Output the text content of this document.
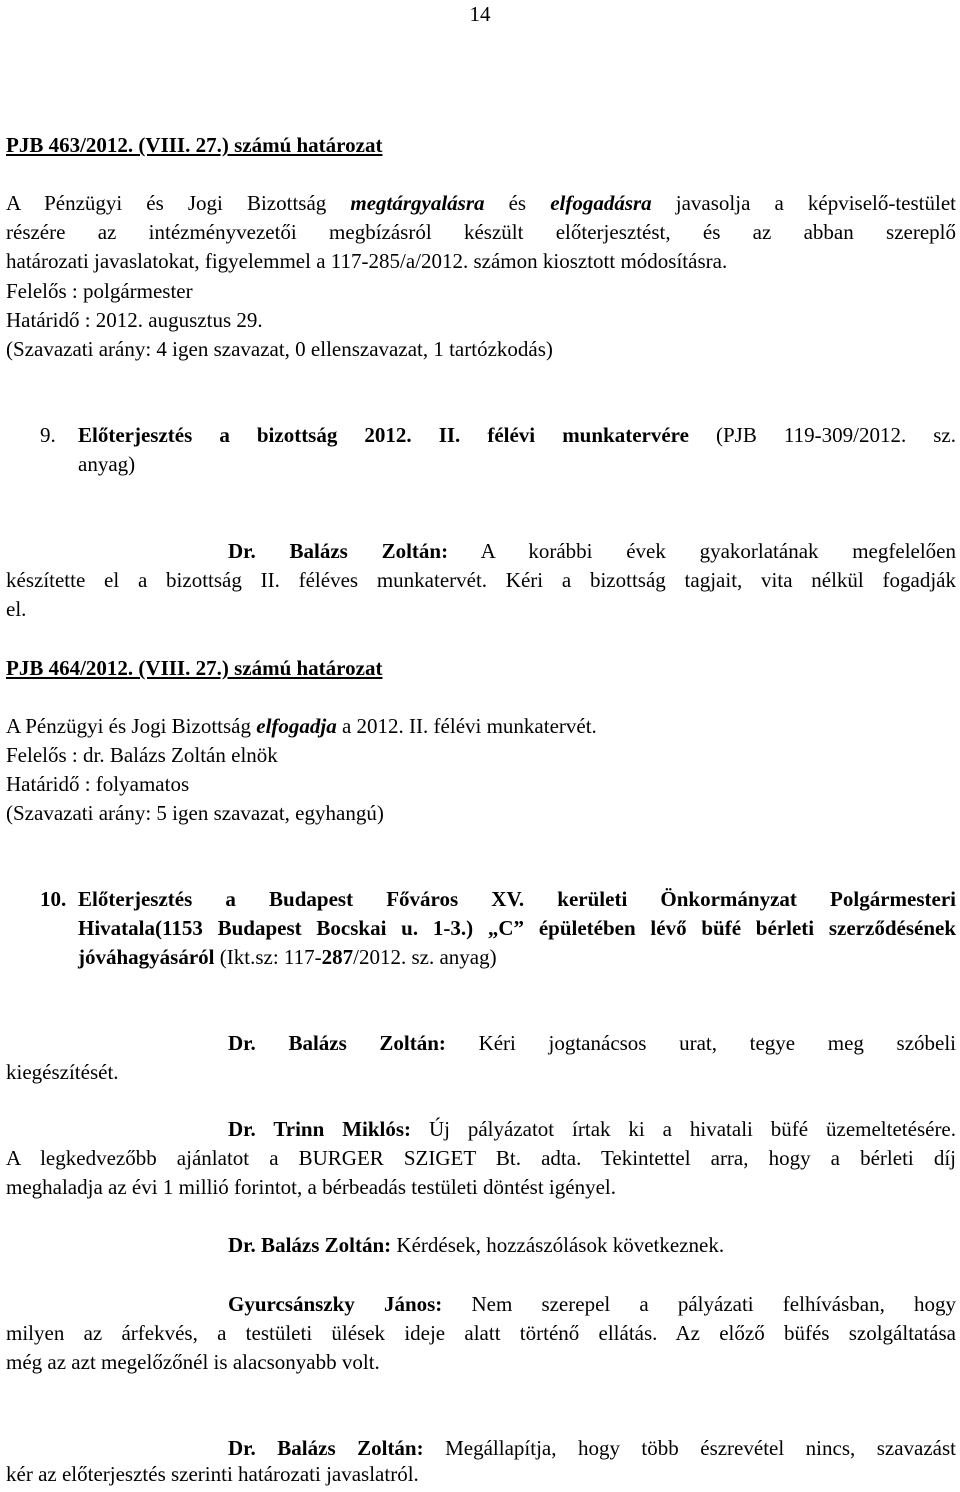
14
PJB 463/2012. (VIII. 27.) számú határozat
A Pénzügyi és Jogi Bizottság megtárgyalásra és elfogadásra javasolja a képviselő-testület
részére az intézményvezetői megbízásról készült előterjesztést, és az abban szereplő
határozati javaslatokat, figyelemmel a 117-285/a/2012. számon kiosztott módosításra.
Felelős : polgármester
Határidő : 2012. augusztus 29.
(Szavazati arány: 4 igen szavazat, 0 ellenszavazat, 1 tartózkodás)
9. Előterjesztés a bizottság 2012. II. félévi munkatervére (PJB 119-309/2012. sz.
anyag)
Dr. Balázs Zoltán: A korábbi évek gyakorlatának megfelelően
készítette el a bizottság II. féléves munkatervét. Kéri a bizottság tagjait, vita nélkül fogadják
el.
PJB 464/2012. (VIII. 27.) számú határozat
A Pénzügyi és Jogi Bizottság elfogadja a 2012. II. félévi munkatervét.
Felelős : dr. Balázs Zoltán elnök
Határidő : folyamatos
(Szavazati arány: 5 igen szavazat, egyhangú)
10. Előterjesztés a Budapest Főváros XV. kerületi Önkormányzat Polgármesteri
Hivatala(1153 Budapest Bocskai u. 1-3.) „C” épületében lévő büfé bérleti szerződésének
jóváhagyásáról (Ikt.sz: 117-287/2012. sz. anyag)
Dr. Balázs Zoltán: Kéri jogtanácsos urat, tegye meg szóbeli
kiegészítését.
Dr. Trinn Miklós: Új pályázatot írtak ki a hivatali büfé üzemeltetésére.
A legkedvezőbb ajánlatot a BURGER SZIGET Bt. adta. Tekintettel arra, hogy a bérleti díj
meghaladja az évi 1 millió forintot, a bérbeadás testületi döntést igényel.
Dr. Balázs Zoltán: Kérdések, hozzászólások következnek.
Gyurcsánszky János: Nem szerepel a pályázati felhívásban, hogy
milyen az árfekvés, a testületi ülések ideje alatt történő ellátás. Az előző büfés szolgáltatása
még az azt megelőzőnél is alacsonyabb volt.
Dr. Balázs Zoltán: Megállapítja, hogy több észrevétel nincs, szavazást
kér az előterjesztés szerinti határozati javaslatról.
